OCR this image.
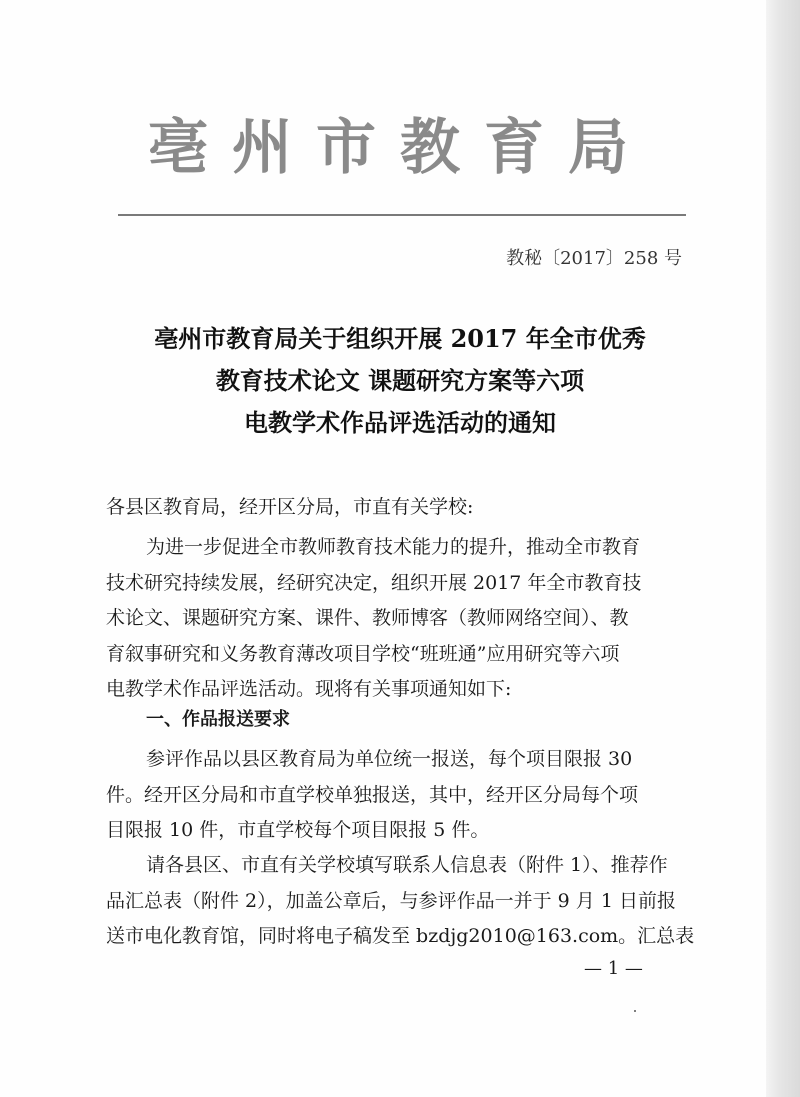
亳州市教育局
教秘〔2017〕258 号
亳州市教育局关于组织开展 2017 年全市优秀
教育技术论文 课题研究方案等六项
电教学术作品评选活动的通知
各县区教育局，经开区分局，市直有关学校:
为进一步促进全市教师教育技术能力的提升，推动全市教育
技术研究持续发展，经研究决定，组织开展 2017 年全市教育技
术论文、课题研究方案、课件、教师博客（教师网络空间）、教
育叙事研究和义务教育薄改项目学校“班班通”应用研究等六项
电教学术作品评选活动。现将有关事项通知如下:
一、作品报送要求
参评作品以县区教育局为单位统一报送，每个项目限报 30
件。经开区分局和市直学校单独报送，其中，经开区分局每个项
目限报 10 件，市直学校每个项目限报 5 件。
请各县区、市直有关学校填写联系人信息表（附件 1）、推荐作
品汇总表（附件 2），加盖公章后，与参评作品一并于 9 月 1 日前报
送市电化教育馆，同时将电子稿发至 bzdjg2010@163.com。汇总表
— 1 —
